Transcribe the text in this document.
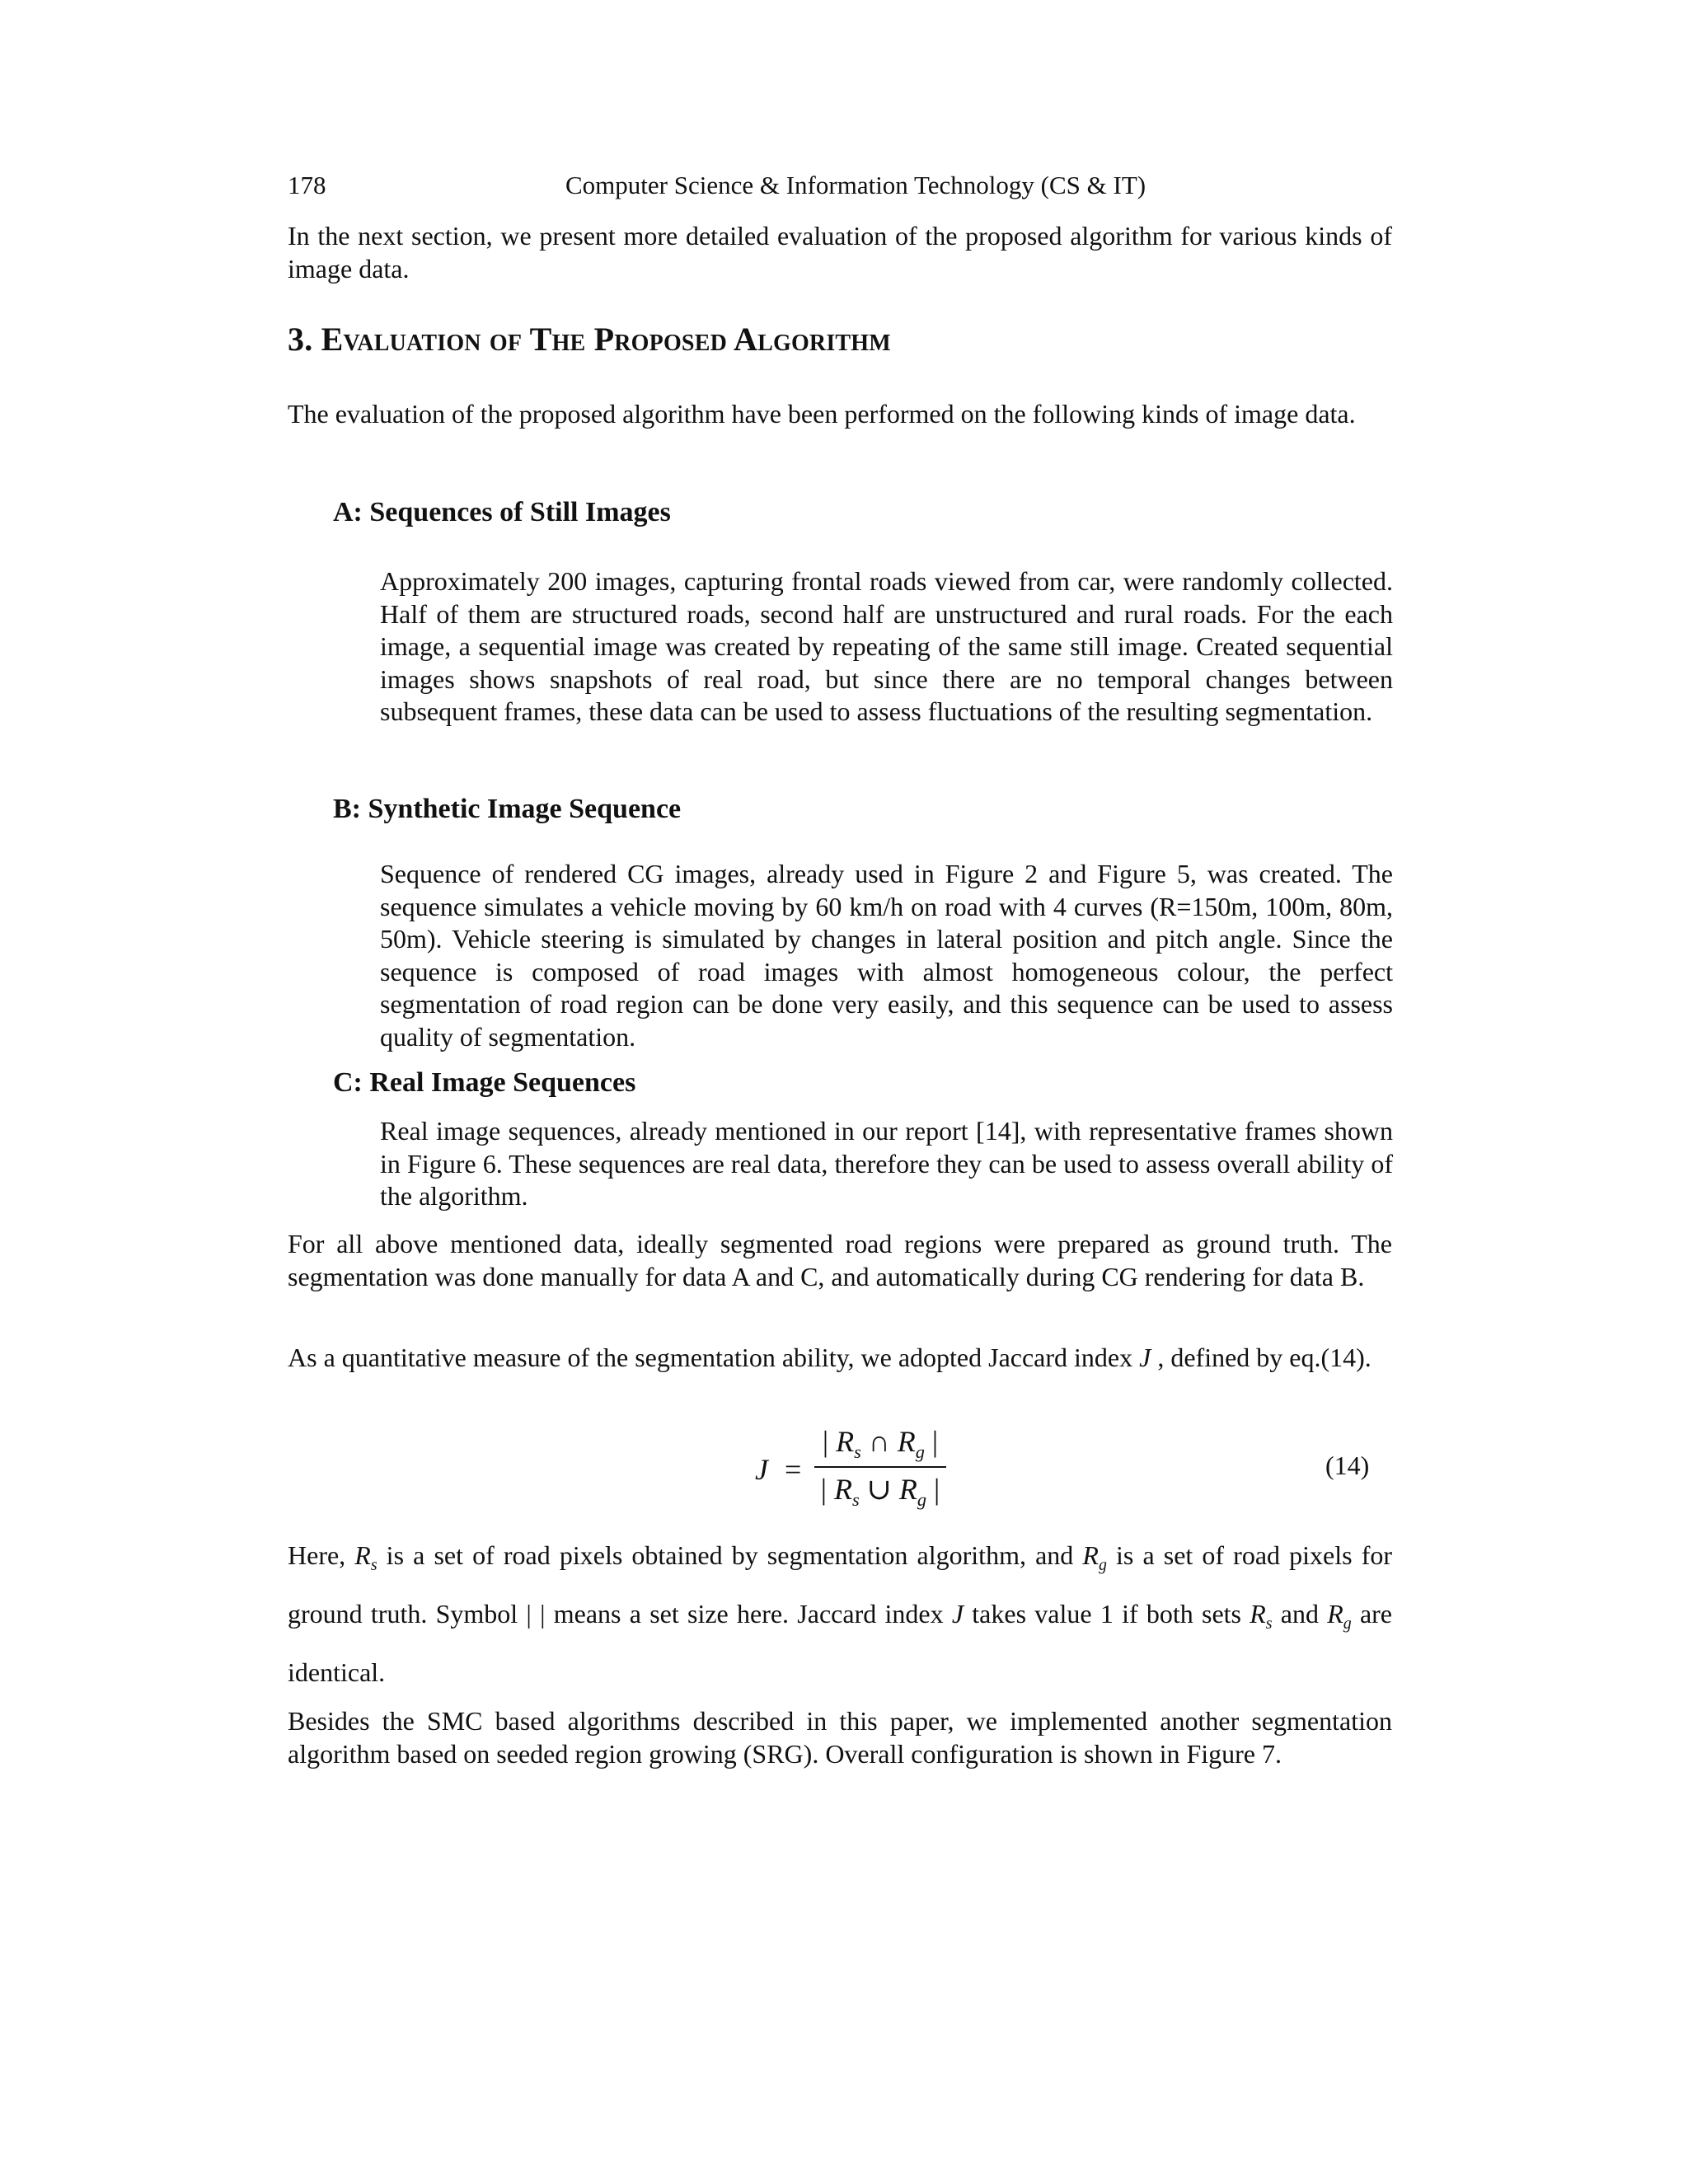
178	Computer Science & Information Technology (CS & IT)

In the next section, we present more detailed evaluation of the proposed algorithm for various kinds of image data.

3. Evaluation of The Proposed Algorithm

The evaluation of the proposed algorithm have been performed on the following kinds of image data.

A: Sequences of Still Images

Approximately 200 images, capturing frontal roads viewed from car, were randomly collected. Half of them are structured roads, second half are unstructured and rural roads. For the each image, a sequential image was created by repeating of the same still image. Created sequential images shows snapshots of real road, but since there are no temporal changes between subsequent frames, these data can be used to assess fluctuations of the resulting segmentation.

B: Synthetic Image Sequence

Sequence of rendered CG images, already used in Figure 2 and Figure 5, was created. The sequence simulates a vehicle moving by 60 km/h on road with 4 curves (R=150m, 100m, 80m, 50m). Vehicle steering is simulated by changes in lateral position and pitch angle. Since the sequence is composed of road images with almost homogeneous colour, the perfect segmentation of road region can be done very easily, and this sequence can be used to assess quality of segmentation.

C: Real Image Sequences

Real image sequences, already mentioned in our report [14], with representative frames shown in Figure 6. These sequences are real data, therefore they can be used to assess overall ability of the algorithm.

For all above mentioned data, ideally segmented road regions were prepared as ground truth. The segmentation was done manually for data A and C, and automatically during CG rendering for data B.

As a quantitative measure of the segmentation ability, we adopted Jaccard index J , defined by eq.(14).

J =
| $R_s$ ∩ $R_g$ |
| $R_s$ ∪ $R_g$ |
(14)

Here, $R_s$ is a set of road pixels obtained by segmentation algorithm, and $R_g$ is a set of road pixels for ground truth. Symbol | | means a set size here. Jaccard index J takes value 1 if both sets $R_s$ and $R_g$ are identical.

Besides the SMC based algorithms described in this paper, we implemented another segmentation algorithm based on seeded region growing (SRG). Overall configuration is shown in Figure 7.
